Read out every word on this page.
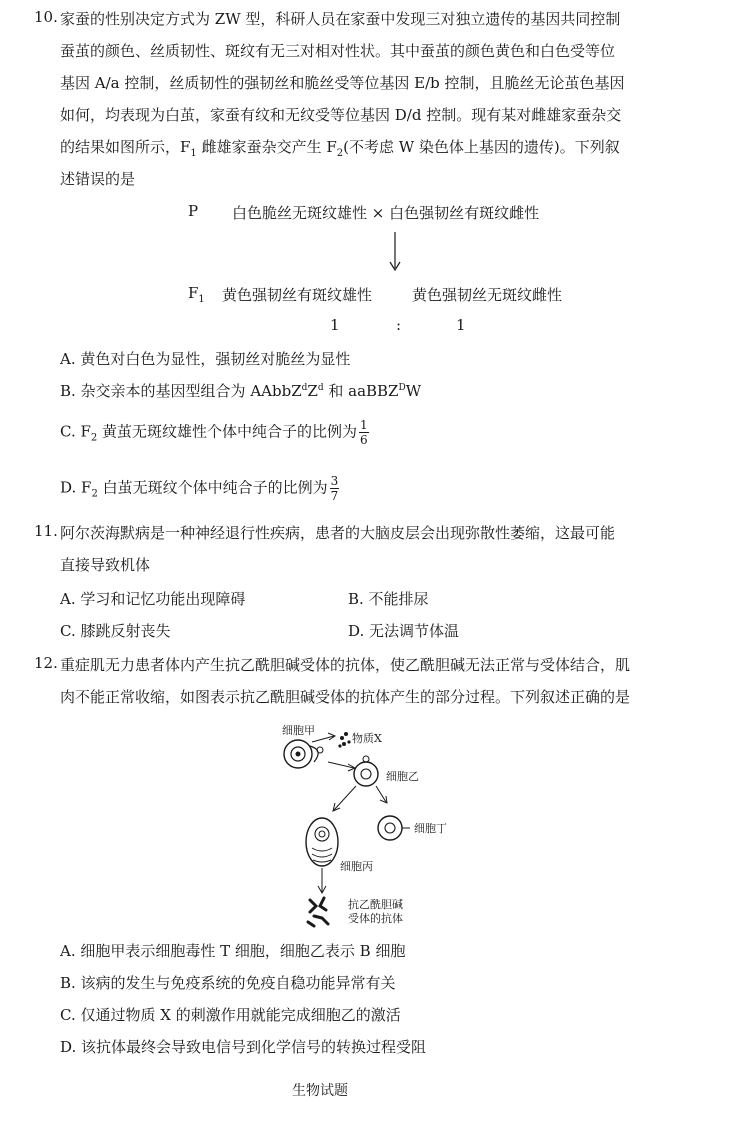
10. 家蚕的性别决定方式为 ZW 型，科研人员在家蚕中发现三对独立遗传的基因共同控制
蚕茧的颜色、丝质韧性、斑纹有无三对相对性状。其中蚕茧的颜色黄色和白色受等位
基因 A/a 控制，丝质韧性的强韧丝和脆丝受等位基因 E/b 控制，且脆丝无论茧色基因
如何，均表现为白茧，家蚕有纹和无纹受等位基因 D/d 控制。现有某对雌雄家蚕杂交
的结果如图所示，$F_1$ 雌雄家蚕杂交产生 $F_2$(不考虑 W 染色体上基因的遗传)。下列叙
述错误的是
P 白色脆丝无斑纹雄性 × 白色强韧丝有斑纹雌性
$F_1$ 黄色强韧丝有斑纹雄性	黄色强韧丝无斑纹雌性
1	:	1
A. 黄色对白色为显性，强韧丝对脆丝为显性
B. 杂交亲本的基因型组合为 $AAbbZ^dZ^d$ 和 aaBBZ$^D$W
C. $F_2$ 黄茧无斑纹雄性个体中纯合子的比例为 $\frac{1}{6}$
D. $F_2$ 白茧无斑纹个体中纯合子的比例为 $\frac{3}{7}$
11. 阿尔茨海默病是一种神经退行性疾病，患者的大脑皮层会出现弥散性萎缩，这最可能
直接导致机体
A. 学习和记忆功能出现障碍	B. 不能排尿
C. 膝跳反射丧失	D. 无法调节体温
12. 重症肌无力患者体内产生抗乙酰胆碱受体的抗体，使乙酰胆碱无法正常与受体结合，肌
肉不能正常收缩，如图表示抗乙酰胆碱受体的抗体产生的部分过程。下列叙述正确的是
细胞甲
物质X
细胞乙
细胞丁
细胞丙
抗乙酰胆碱
受体的抗体
A. 细胞甲表示细胞毒性 T 细胞，细胞乙表示 B 细胞
B. 该病的发生与免疫系统的免疫自稳功能异常有关
C. 仅通过物质 X 的刺激作用就能完成细胞乙的激活
D. 该抗体最终会导致电信号到化学信号的转换过程受阻
生物试题
